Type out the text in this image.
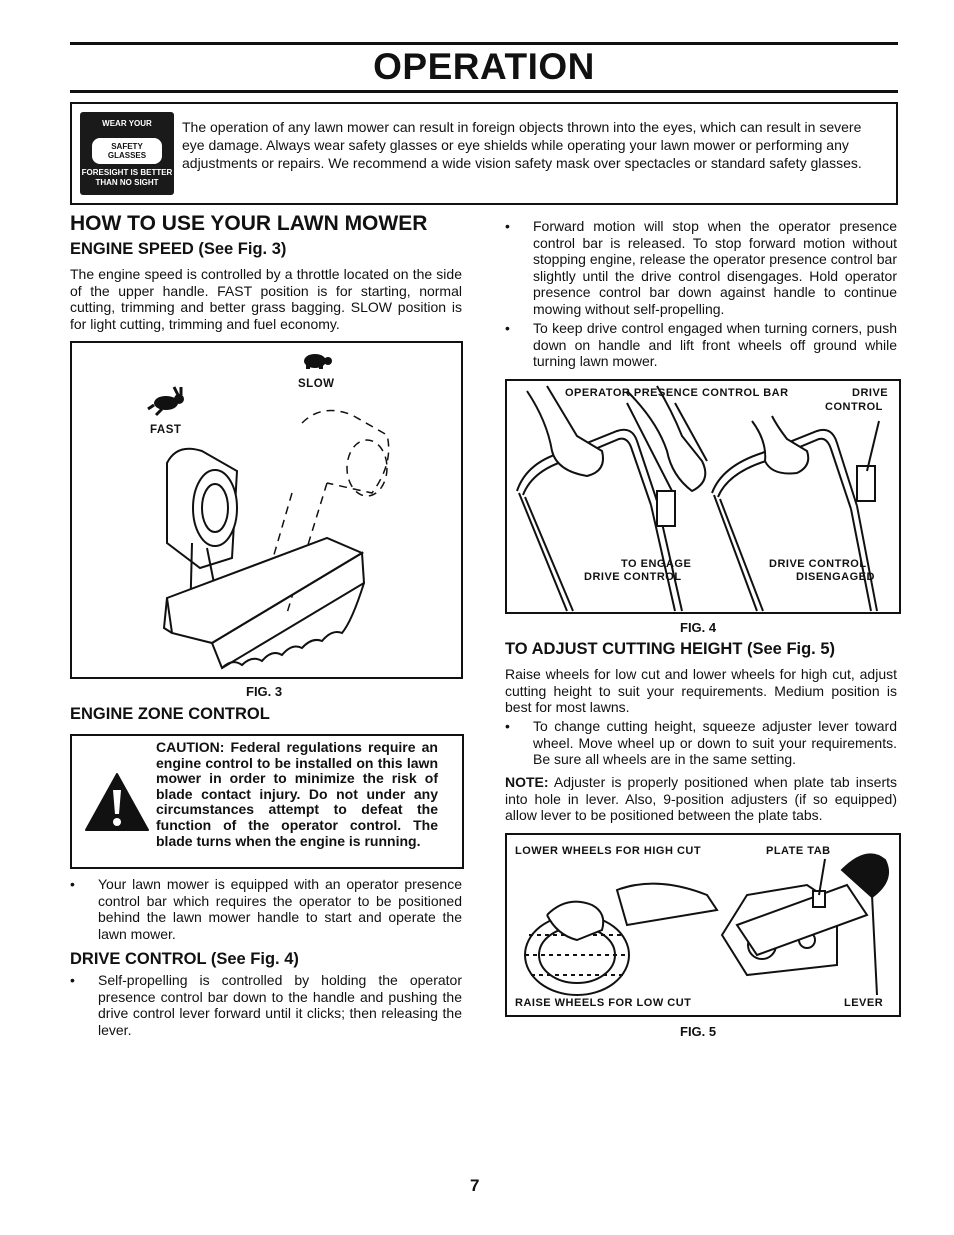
OPERATION
WEAR YOUR
SAFETY GLASSES
FORESIGHT IS BETTER
THAN NO SIGHT
The operation of any lawn mower can result in foreign objects thrown into the eyes, which can result in severe eye damage. Always wear safety glasses or eye shields while operating your lawn mower or performing any adjustments or repairs. We recommend a wide vision safety mask over spectacles or standard safety glasses.
HOW TO USE YOUR LAWN MOWER
ENGINE SPEED (See Fig. 3)
The engine speed is controlled by a throttle located on the side of the upper handle. FAST position is for starting, normal cutting, trimming and better grass bagging. SLOW position is for light cutting, trimming and fuel economy.
SLOW
FAST
FIG. 3
ENGINE ZONE CONTROL
CAUTION: Federal regulations require an engine control to be installed on this lawn mower in order to minimize the risk of blade contact injury. Do not under any circumstances attempt to defeat the function of the operator control. The blade turns when the engine is running.
• Your lawn mower is equipped with an operator presence control bar which requires the operator to be positioned behind the lawn mower handle to start and operate the lawn mower.
DRIVE CONTROL (See Fig. 4)
• Self-propelling is controlled by holding the operator presence control bar down to the handle and pushing the drive control lever forward until it clicks; then releasing the lever.
• Forward motion will stop when the operator presence control bar is released. To stop forward motion without stopping engine, release the operator presence control bar slightly until the drive control disengages. Hold operator presence control bar down against handle to continue mowing without self-propelling.
• To keep drive control engaged when turning corners, push down on handle and lift front wheels off ground while turning lawn mower.
OPERATOR PRESENCE CONTROL BAR	DRIVE
CONTROL
TO ENGAGE
DRIVE CONTROL
DRIVE CONTROL
DISENGAGED
FIG. 4
TO ADJUST CUTTING HEIGHT (See Fig. 5)
Raise wheels for low cut and lower wheels for high cut, adjust cutting height to suit your requirements. Medium position is best for most lawns.
• To change cutting height, squeeze adjuster lever toward wheel. Move wheel up or down to suit your requirements. Be sure all wheels are in the same setting.
NOTE: Adjuster is properly positioned when plate tab inserts into hole in lever. Also, 9-position adjusters (if so equipped) allow lever to be positioned between the plate tabs.
LOWER WHEELS FOR HIGH CUT	PLATE TAB
RAISE WHEELS FOR LOW CUT	LEVER
FIG. 5
7
